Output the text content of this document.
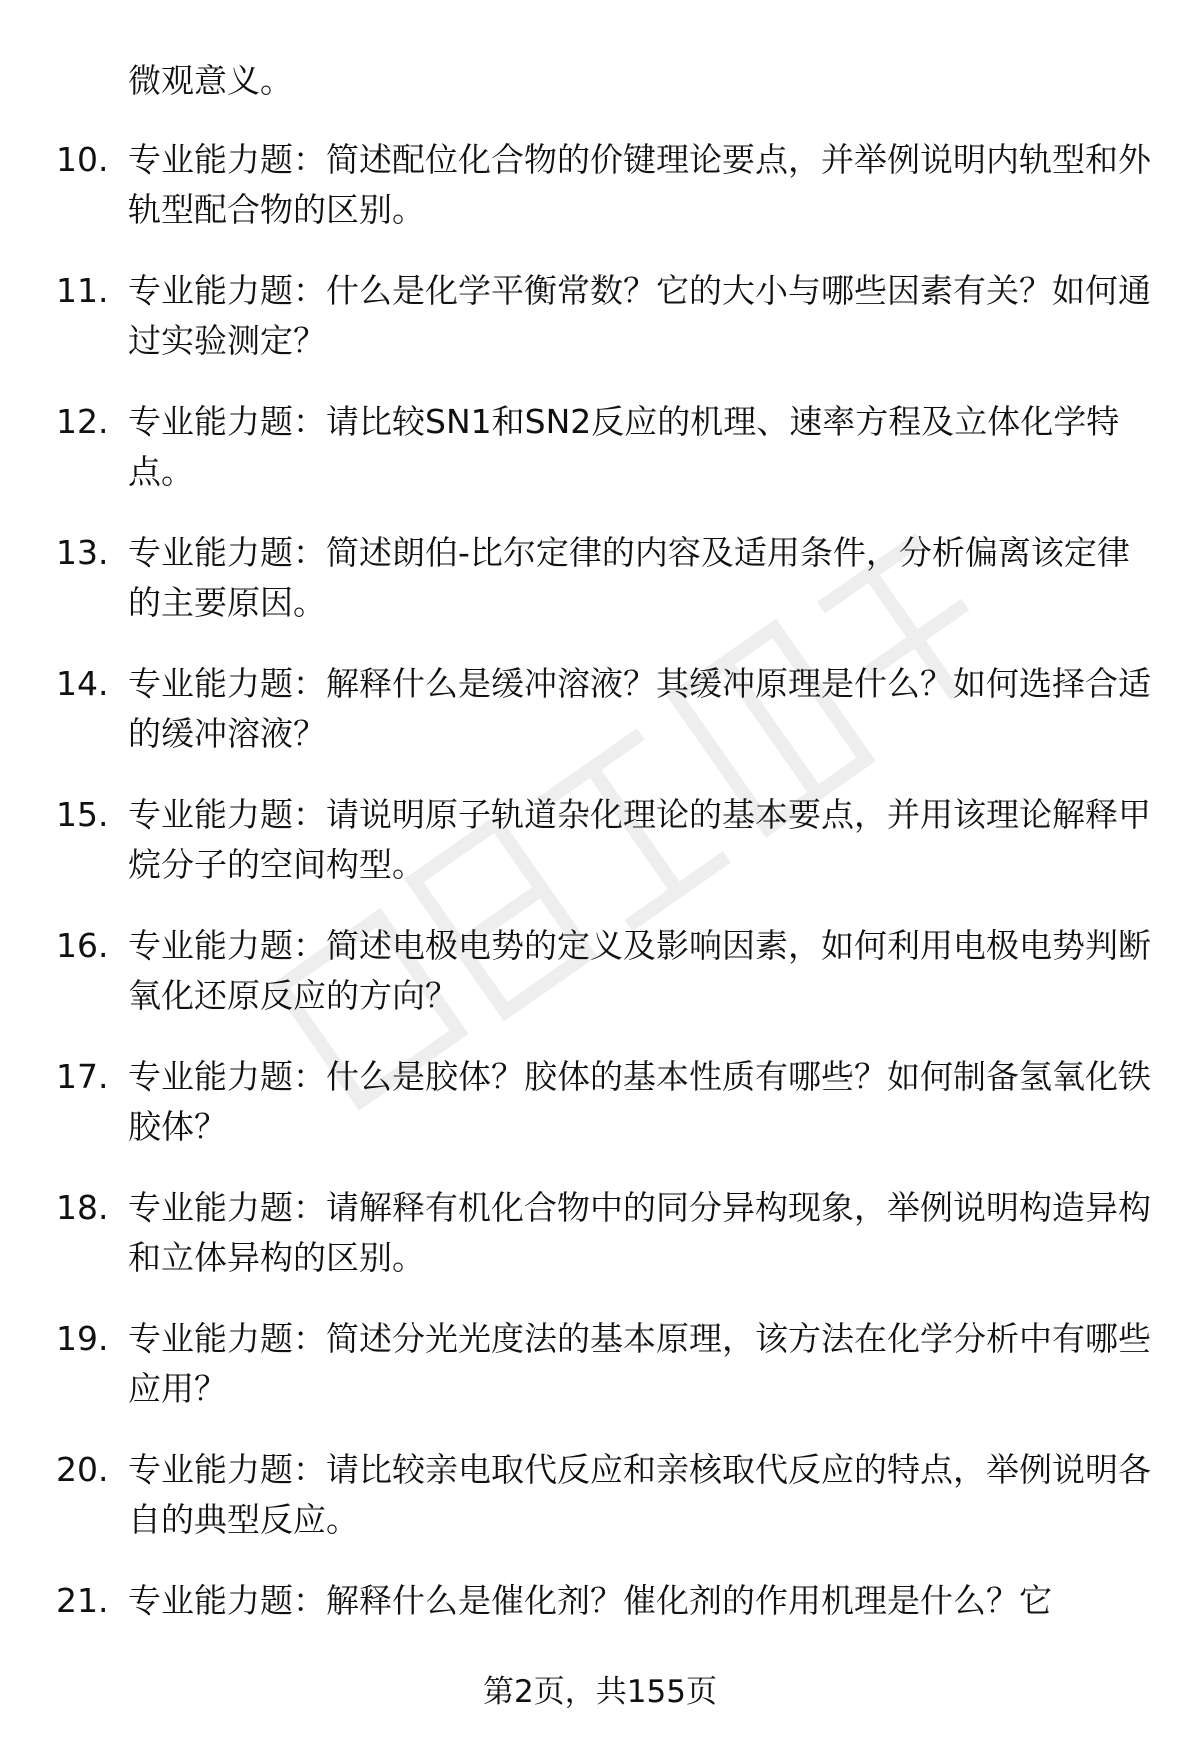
微观意义。

10. 专业能力题：简述配位化合物的价键理论要点，并举例说明内轨型和外轨型配合物的区别。

11. 专业能力题：什么是化学平衡常数？它的大小与哪些因素有关？如何通过实验测定？

12. 专业能力题：请比较SN1和SN2反应的机理、速率方程及立体化学特点。

13. 专业能力题：简述朗伯-比尔定律的内容及适用条件，分析偏离该定律的主要原因。

14. 专业能力题：解释什么是缓冲溶液？其缓冲原理是什么？如何选择合适的缓冲溶液？

15. 专业能力题：请说明原子轨道杂化理论的基本要点，并用该理论解释甲烷分子的空间构型。

16. 专业能力题：简述电极电势的定义及影响因素，如何利用电极电势判断氧化还原反应的方向？

17. 专业能力题：什么是胶体？胶体的基本性质有哪些？如何制备氢氧化铁胶体？

18. 专业能力题：请解释有机化合物中的同分异构现象，举例说明构造异构和立体异构的区别。

19. 专业能力题：简述分光光度法的基本原理，该方法在化学分析中有哪些应用？

20. 专业能力题：请比较亲电取代反应和亲核取代反应的特点，举例说明各自的典型反应。

21. 专业能力题：解释什么是催化剂？催化剂的作用机理是什么？它

第2页，共155页
